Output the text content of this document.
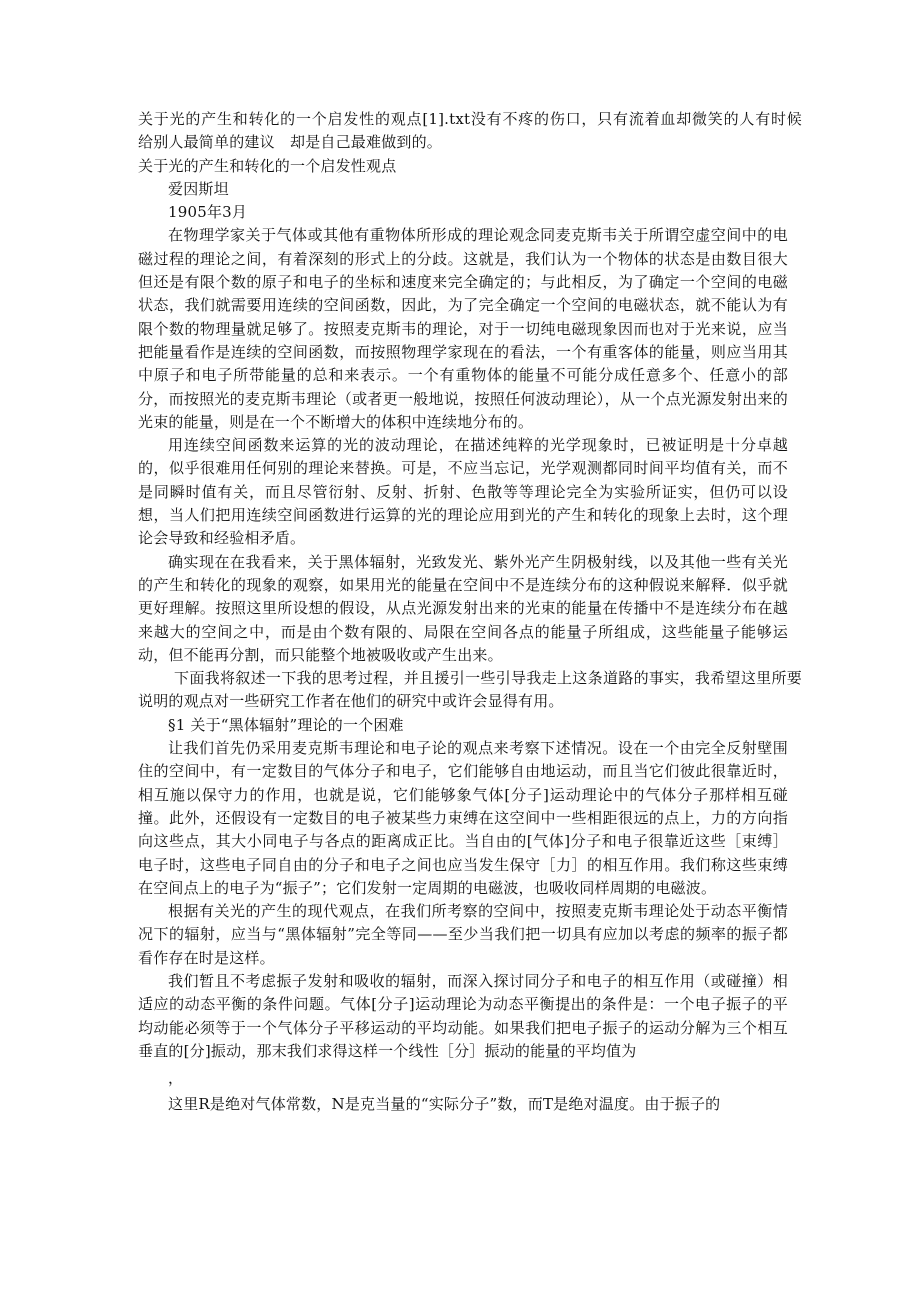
关于光的产生和转化的一个启发性的观点[1].txt没有不疼的伤口，只有流着血却微笑的人有时候　给别人最简单的建议　却是自己最难做到的。

关于光的产生和转化的一个启发性观点

爱因斯坦

1905年3月

在物理学家关于气体或其他有重物体所形成的理论观念同麦克斯韦关于所谓空虚空间中的电磁过程的理论之间，有着深刻的形式上的分歧。这就是，我们认为一个物体的状态是由数目很大但还是有限个数的原子和电子的坐标和速度来完全确定的；与此相反，为了确定一个空间的电磁状态，我们就需要用连续的空间函数，因此，为了完全确定一个空间的电磁状态，就不能认为有限个数的物理量就足够了。按照麦克斯韦的理论，对于一切纯电磁现象因而也对于光来说，应当把能量看作是连续的空间函数，而按照物理学家现在的看法，一个有重客体的能量，则应当用其中原子和电子所带能量的总和来表示。一个有重物体的能量不可能分成任意多个、任意小的部分，而按照光的麦克斯韦理论（或者更一般地说，按照任何波动理论），从一个点光源发射出来的光束的能量，则是在一个不断增大的体积中连续地分布的。

用连续空间函数来运算的光的波动理论，在描述纯粹的光学现象时，已被证明是十分卓越的，似乎很难用任何别的理论来替换。可是，不应当忘记，光学观测都同时间平均值有关，而不是同瞬时值有关，而且尽管衍射、反射、折射、色散等等理论完全为实验所证实，但仍可以设想，当人们把用连续空间函数进行运算的光的理论应用到光的产生和转化的现象上去时，这个理论会导致和经验相矛盾。

确实现在在我看来，关于黑体辐射，光致发光、紫外光产生阴极射线，以及其他一些有关光的产生和转化的现象的观察，如果用光的能量在空间中不是连续分布的这种假说来解释．似乎就更好理解。按照这里所设想的假设，从点光源发射出来的光束的能量在传播中不是连续分布在越来越大的空间之中，而是由个数有限的、局限在空间各点的能量子所组成，这些能量子能够运动，但不能再分割，而只能整个地被吸收或产生出来。

下面我将叙述一下我的思考过程，并且援引一些引导我走上这条道路的事实，我希望这里所要说明的观点对一些研究工作者在他们的研究中或许会显得有用。

§1 关于“黑体辐射”理论的一个困难

让我们首先仍采用麦克斯韦理论和电子论的观点来考察下述情况。设在一个由完全反射壁围住的空间中，有一定数目的气体分子和电子，它们能够自由地运动，而且当它们彼此很靠近时，相互施以保守力的作用，也就是说，它们能够象气体[分子]运动理论中的气体分子那样相互碰撞。此外，还假设有一定数目的电子被某些力束缚在这空间中一些相距很远的点上，力的方向指向这些点，其大小同电子与各点的距离成正比。当自由的[气体]分子和电子很靠近这些［束缚］电子时，这些电子同自由的分子和电子之间也应当发生保守［力］的相互作用。我们称这些束缚在空间点上的电子为“振子”；它们发射一定周期的电磁波，也吸收同样周期的电磁波。

根据有关光的产生的现代观点，在我们所考察的空间中，按照麦克斯韦理论处于动态平衡情况下的辐射，应当与“黑体辐射”完全等同——至少当我们把一切具有应加以考虑的频率的振子都看作存在时是这样。

我们暂且不考虑振子发射和吸收的辐射，而深入探讨同分子和电子的相互作用（或碰撞）相适应的动态平衡的条件问题。气体[分子]运动理论为动态平衡提出的条件是：一个电子振子的平均动能必须等于一个气体分子平移运动的平均动能。如果我们把电子振子的运动分解为三个相互垂直的[分]振动，那末我们求得这样一个线性［分］振动的能量的平均值为

，

这里R是绝对气体常数，N是克当量的“实际分子”数，而T是绝对温度。由于振子的
